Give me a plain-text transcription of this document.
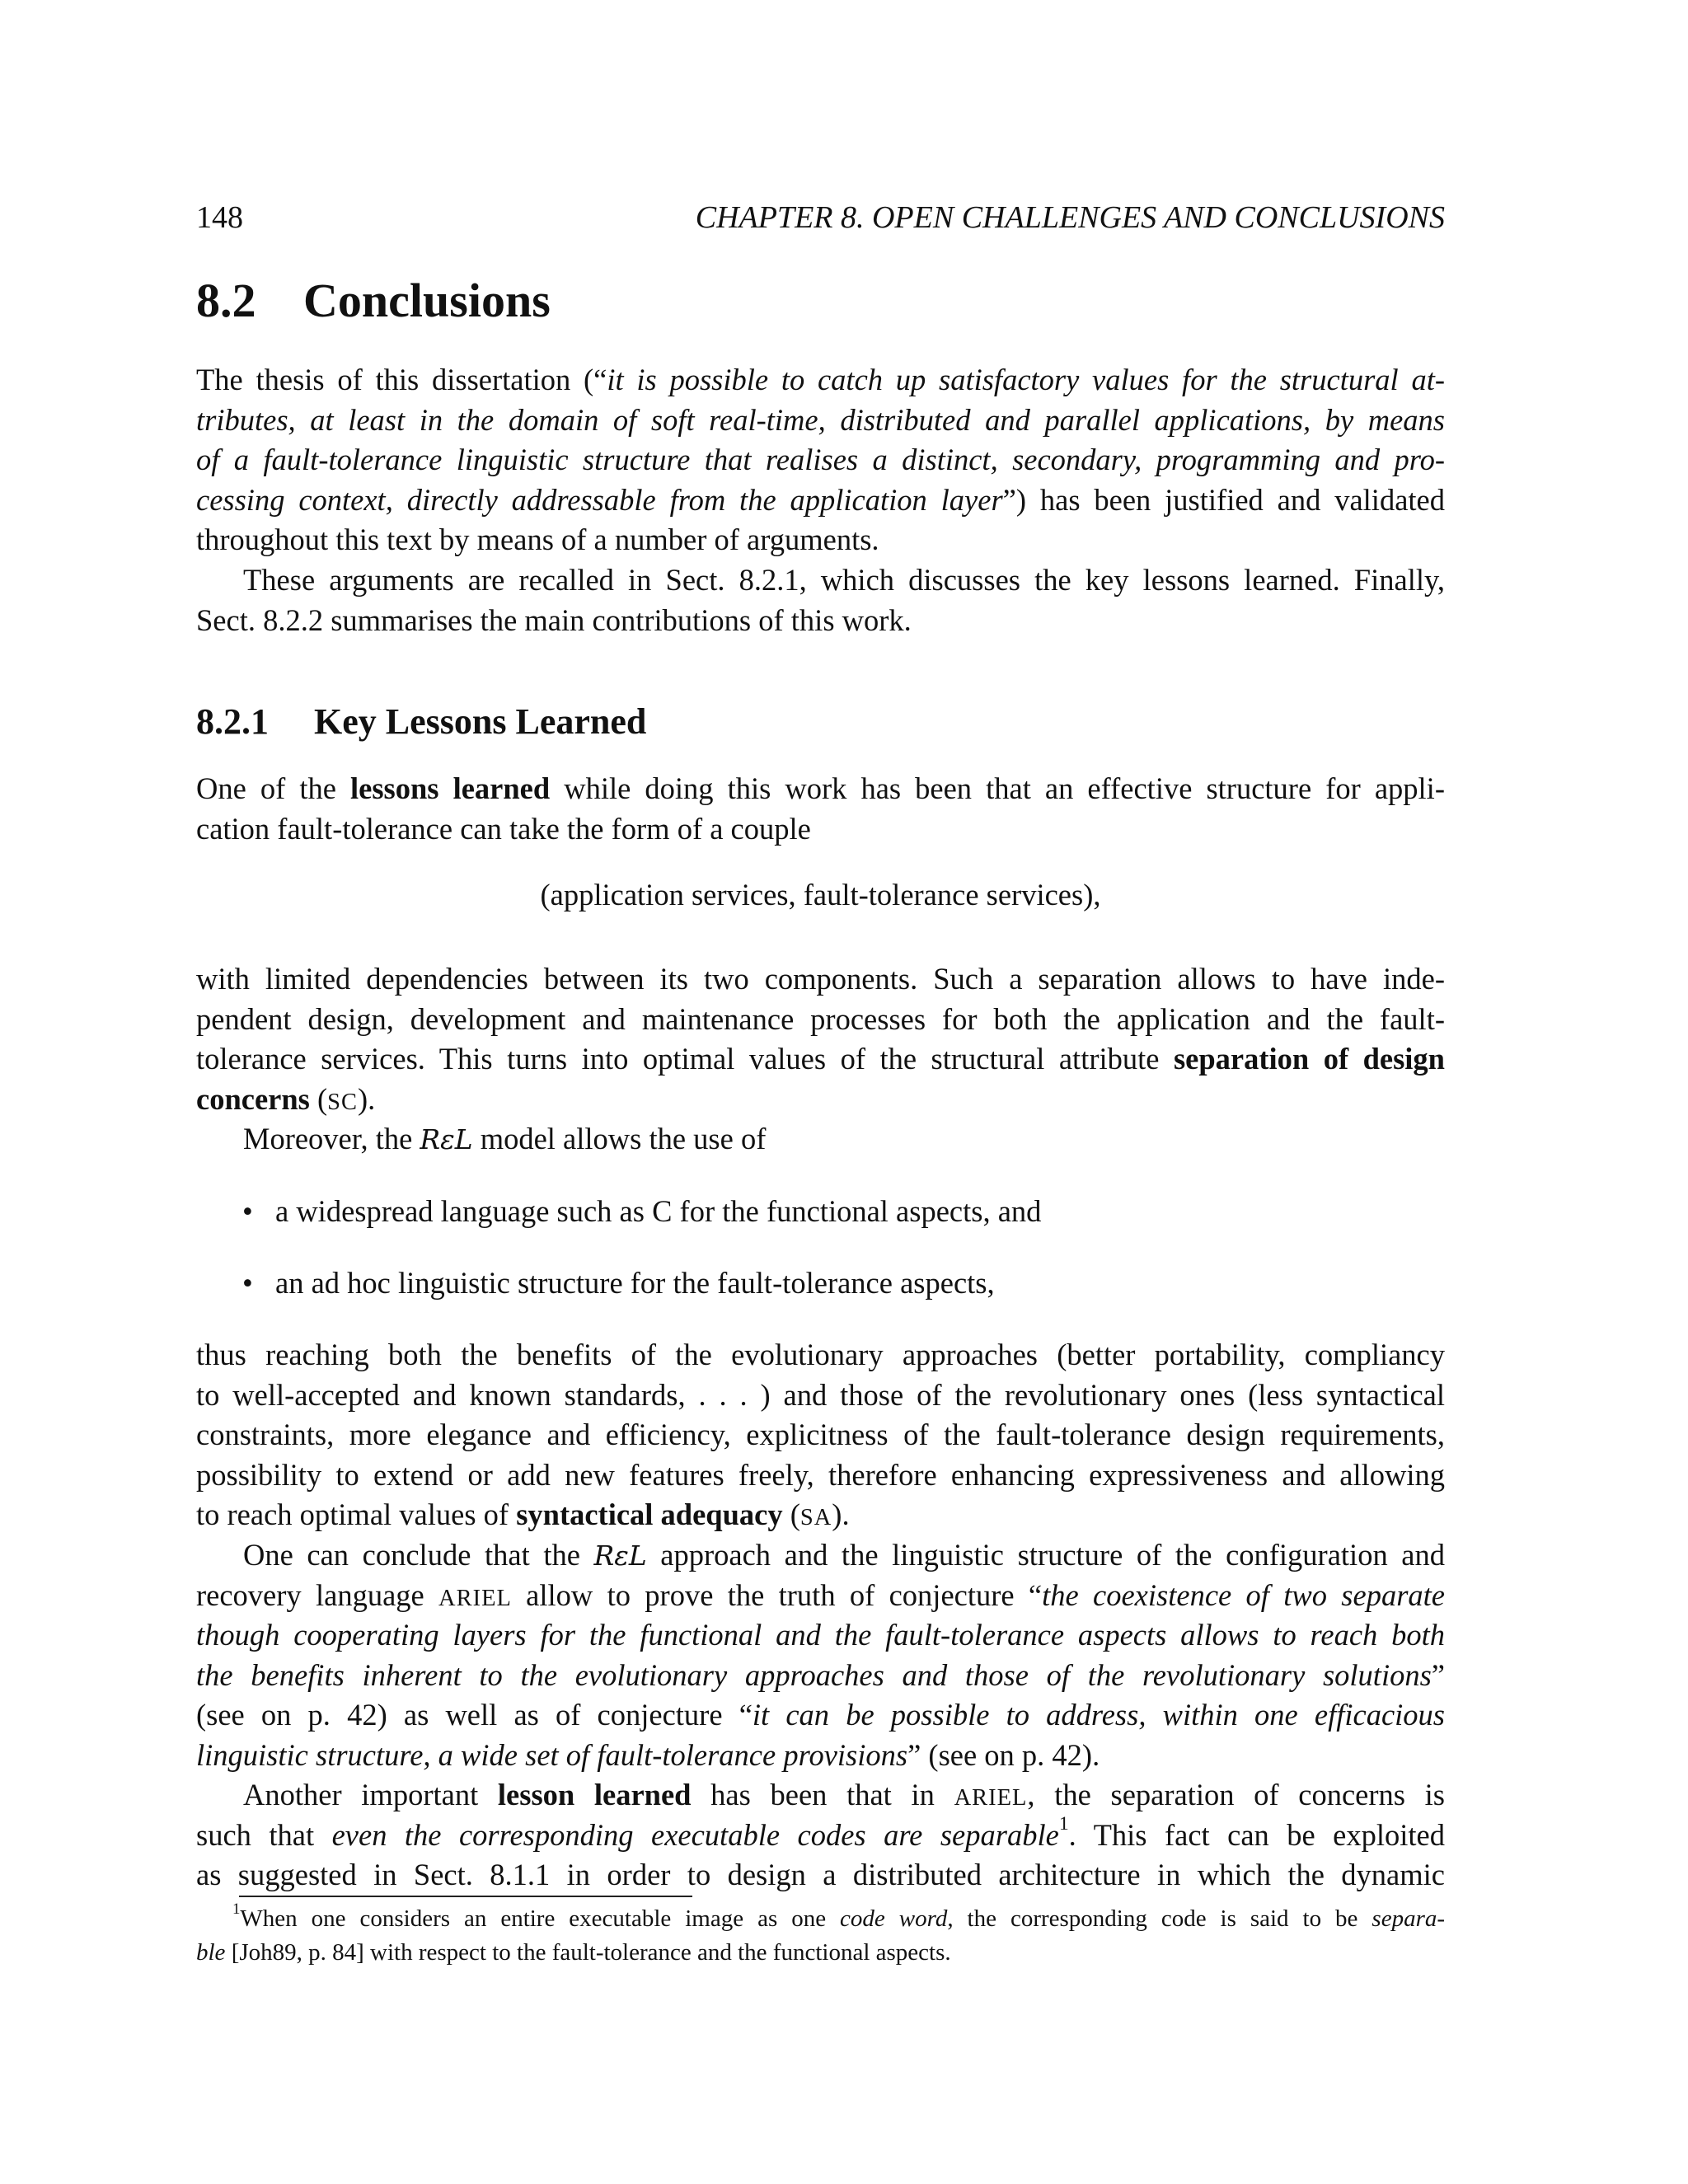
148	CHAPTER 8. OPEN CHALLENGES AND CONCLUSIONS
8.2 Conclusions
The thesis of this dissertation (“it is possible to catch up satisfactory values for the structural at-
tributes, at least in the domain of soft real-time, distributed and parallel applications, by means
of a fault-tolerance linguistic structure that realises a distinct, secondary, programming and pro-
cessing context, directly addressable from the application layer”) has been justified and validated
throughout this text by means of a number of arguments.
These arguments are recalled in Sect. 8.2.1, which discusses the key lessons learned. Finally,
Sect. 8.2.2 summarises the main contributions of this work.
8.2.1 Key Lessons Learned
One of the lessons learned while doing this work has been that an effective structure for appli-
cation fault-tolerance can take the form of a couple
(application services, fault-tolerance services),
with limited dependencies between its two components. Such a separation allows to have inde-
pendent design, development and maintenance processes for both the application and the fault-
tolerance services. This turns into optimal values of the structural attribute separation of design
concerns (SC).
Moreover, the RεL model allows the use of
• a widespread language such as C for the functional aspects, and
• an ad hoc linguistic structure for the fault-tolerance aspects,
thus reaching both the benefits of the evolutionary approaches (better portability, compliancy
to well-accepted and known standards, . . . ) and those of the revolutionary ones (less syntactical
constraints, more elegance and efficiency, explicitness of the fault-tolerance design requirements,
possibility to extend or add new features freely, therefore enhancing expressiveness and allowing
to reach optimal values of syntactical adequacy (SA).
One can conclude that the RεL approach and the linguistic structure of the configuration and
recovery language ARIEL allow to prove the truth of conjecture “the coexistence of two separate
though cooperating layers for the functional and the fault-tolerance aspects allows to reach both
the benefits inherent to the evolutionary approaches and those of the revolutionary solutions”
(see on p. 42) as well as of conjecture “it can be possible to address, within one efficacious
linguistic structure, a wide set of fault-tolerance provisions” (see on p. 42).
Another important lesson learned has been that in ARIEL, the separation of concerns is
such that even the corresponding executable codes are separable$^1$. This fact can be exploited
as suggested in Sect. 8.1.1 in order to design a distributed architecture in which the dynamic
$^1$When one considers an entire executable image as one code word, the corresponding code is said to be separa-
ble [Joh89, p. 84] with respect to the fault-tolerance and the functional aspects.
